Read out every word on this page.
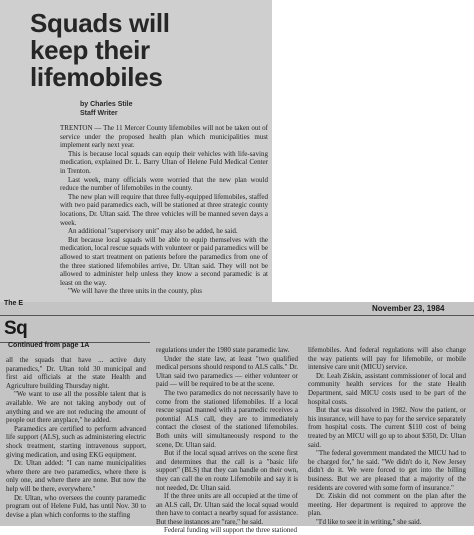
Squads will keep their lifemobiles
by Charles Stile
Staff Writer

TRENTON — The 11 Mercer County lifemobiles will not be taken out of service under the proposed health plan which municipalities must implement early next year.

This is because local squads can equip their vehicles with life-saving medication, explained Dr. L. Barry Ultan of Helene Fuld Medical Center in Trenton.

Last week, many officials were worried that the new plan would reduce the number of lifemobiles in the county.

The new plan will require that three fully-equipped lifemobiles, staffed with two paid paramedics each, will be stationed at three strategic county locations, Dr. Ultan said. The three vehicles will be manned seven days a week.

An additional "supervisory unit" may also be added, he said.

But because local squads will be able to equip themselves with the medication, local rescue squads with volunteer or paid paramedics will be allowed to start treatment on patients before the paramedics from one of the three stationed lifemobiles arrive, Dr. Ultan said. They will not be allowed to administer help unless they know a second paramedic is at least on the way.

"We will have the three units in the county, plus

The E
November 23, 1984
Sq
Continued from page 1A

all the squads that have ... active duty paramedics," Dr. Ultan told 30 municipal and first aid officials at the state Health and Agriculture building Thursday night.

"We want to use all the possible talent that is available. We are not taking anybody out of anything and we are not reducing the amount of people out there anyplace," he added.

Paramedics are certified to perform advanced life support (ALS), such as administering electric shock treatment, starting intravenous support, giving medication, and using EKG equipment.

Dr. Ultan added: "I can name municipalities where there are two paramedics, where there is only one, and where there are none. But now the help will be there, everywhere."

Dr. Ultan, who oversees the county paramedic program out of Helene Fuld, has until Nov. 30 to devise a plan which conforms to the staffing

regulations under the 1980 state paramedic law.

Under the state law, at least "two qualified medical persons should respond to ALS calls." Dr. Ultan said two paramedics — either volunteer or paid — will be required to be at the scene.

The two paramedics do not necessarily have to come from the stationed lifemobiles. If a local rescue squad manned with a paramedic receives a potential ALS call, they are to immediately contact the closest of the stationed lifemobiles. Both units will simultaneously respond to the scene, Dr. Ultan said.

But if the local squad arrives on the scene first and determines that the call is a "basic life support" (BLS) that they can handle on their own, they can call the en route Lifemobile and say it is not needed, Dr. Ultan said.

If the three units are all occupied at the time of an ALS call, Dr. Ultan said the local squad would then have to contact a nearby squad for assistance. But these instances are "rare," he said.

Federal funding will support the three stationed

lifemobiles. And federal regulations will also change the way patients will pay for lifemobile, or mobile intensive care unit (MICU) service.

Dr. Leah Ziskin, assistant commissioner of local and community health services for the state Health Department, said MICU costs used to be part of the hospital costs.

But that was dissolved in 1982. Now the patient, or his insurance, will have to pay for the service separately from hospital costs. The current $110 cost of being treated by an MICU will go up to about $350, Dr. Ultan said.

"The federal government mandated the MICU had to be charged for," he said. "We didn't do it, New Jersey didn't do it. We were forced to get into the billing business. But we are pleased that a majority of the residents are covered with some form of insurance."

Dr. Ziskin did not comment on the plan after the meeting. Her department is required to approve the plan.

"I'd like to see it in writing," she said.
